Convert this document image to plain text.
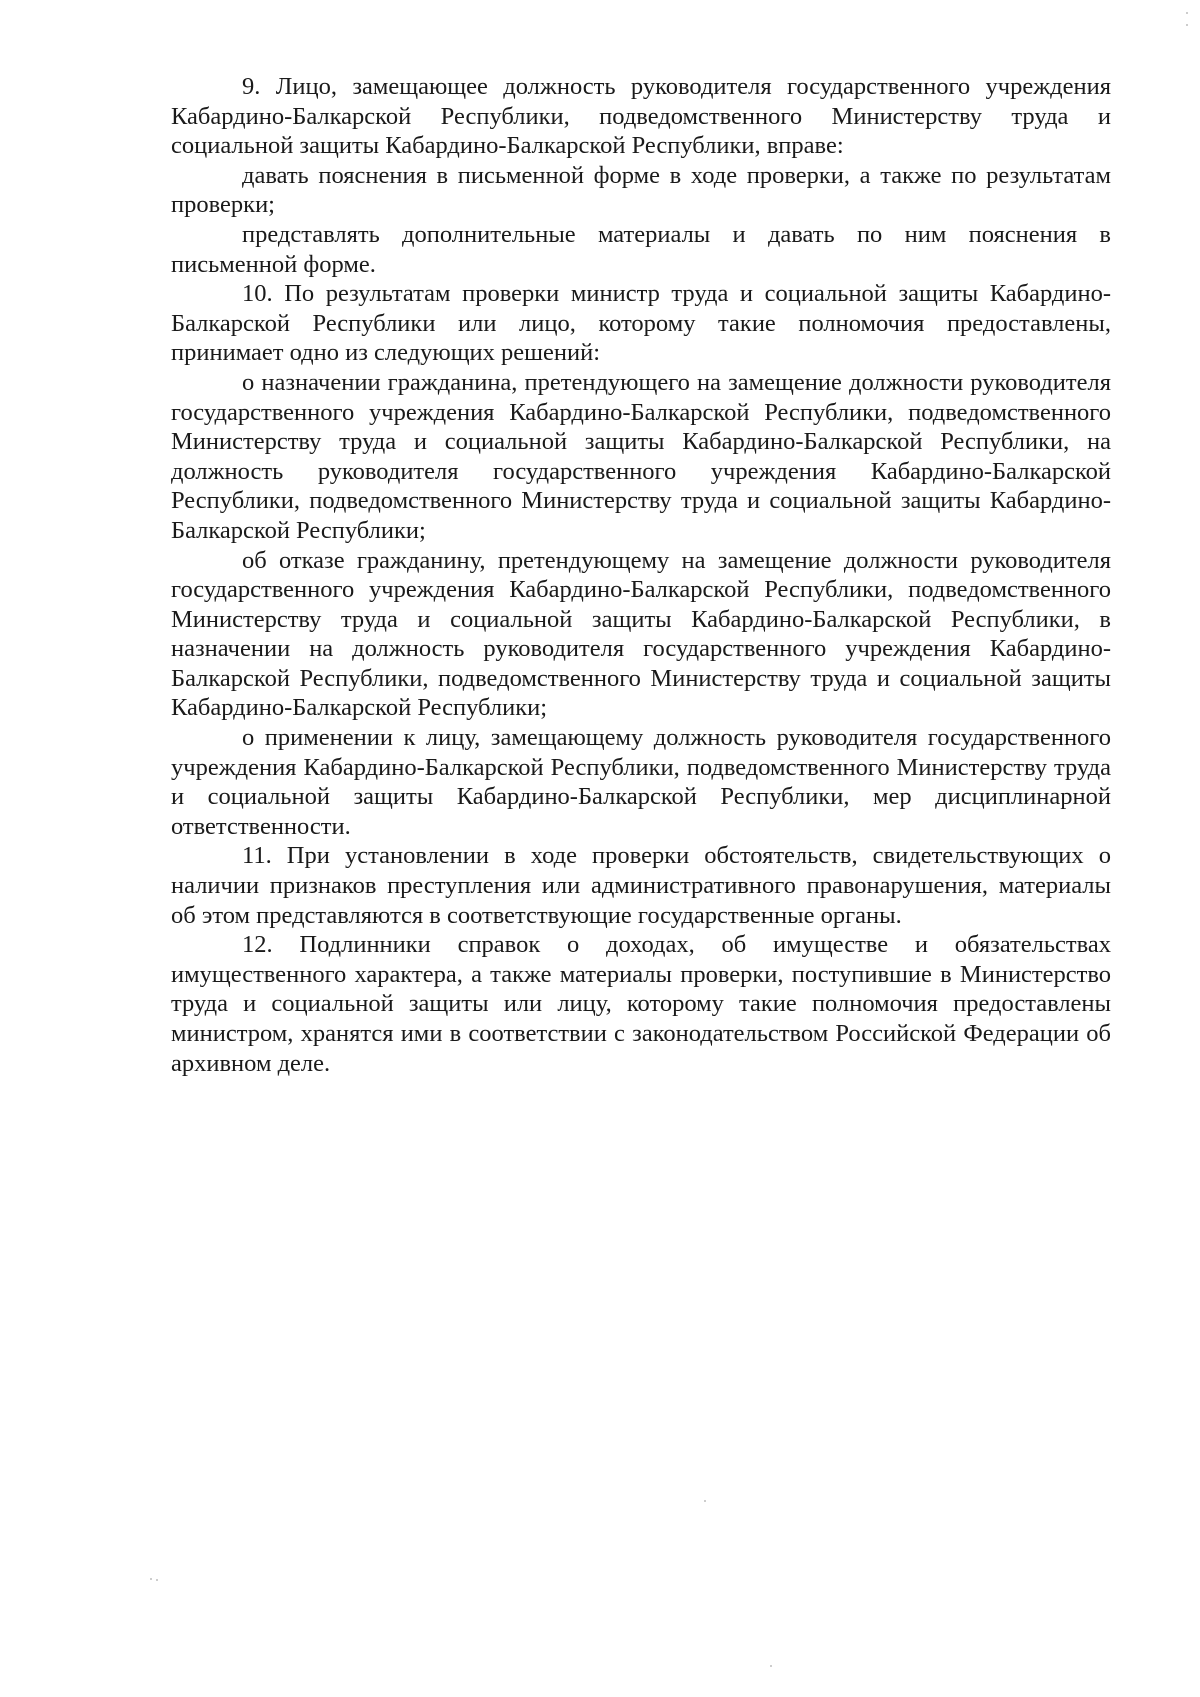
9. Лицо, замещающее должность руководителя государственного учреждения Кабардино-Балкарской Республики, подведомственного Министерству труда и социальной защиты Кабардино-Балкарской Республики, вправе:

давать пояснения в письменной форме в ходе проверки, а также по результатам проверки;

представлять дополнительные материалы и давать по ним пояснения в письменной форме.

10. По результатам проверки министр труда и социальной защиты Кабардино-Балкарской Республики или лицо, которому такие полномочия предоставлены, принимает одно из следующих решений:

о назначении гражданина, претендующего на замещение должности руководителя государственного учреждения Кабардино-Балкарской Республики, подведомственного Министерству труда и социальной защиты Кабардино-Балкарской Республики, на должность руководителя государственного учреждения Кабардино-Балкарской Республики, подведомственного Министерству труда и социальной защиты Кабардино-Балкарской Республики;

об отказе гражданину, претендующему на замещение должности руководителя государственного учреждения Кабардино-Балкарской Республики, подведомственного Министерству труда и социальной защиты Кабардино-Балкарской Республики, в назначении на должность руководителя государственного учреждения Кабардино-Балкарской Республики, подведомственного Министерству труда и социальной защиты Кабардино-Балкарской Республики;

о применении к лицу, замещающему должность руководителя государственного учреждения Кабардино-Балкарской Республики, подведомственного Министерству труда и социальной защиты Кабардино-Балкарской Республики, мер дисциплинарной ответственности.

11. При установлении в ходе проверки обстоятельств, свидетельствующих о наличии признаков преступления или административного правонарушения, материалы об этом представляются в соответствующие государственные органы.

12. Подлинники справок о доходах, об имуществе и обязательствах имущественного характера, а также материалы проверки, поступившие в Министерство труда и социальной защиты или лицу, которому такие полномочия предоставлены министром, хранятся ими в соответствии с законодательством Российской Федерации об архивном деле.
